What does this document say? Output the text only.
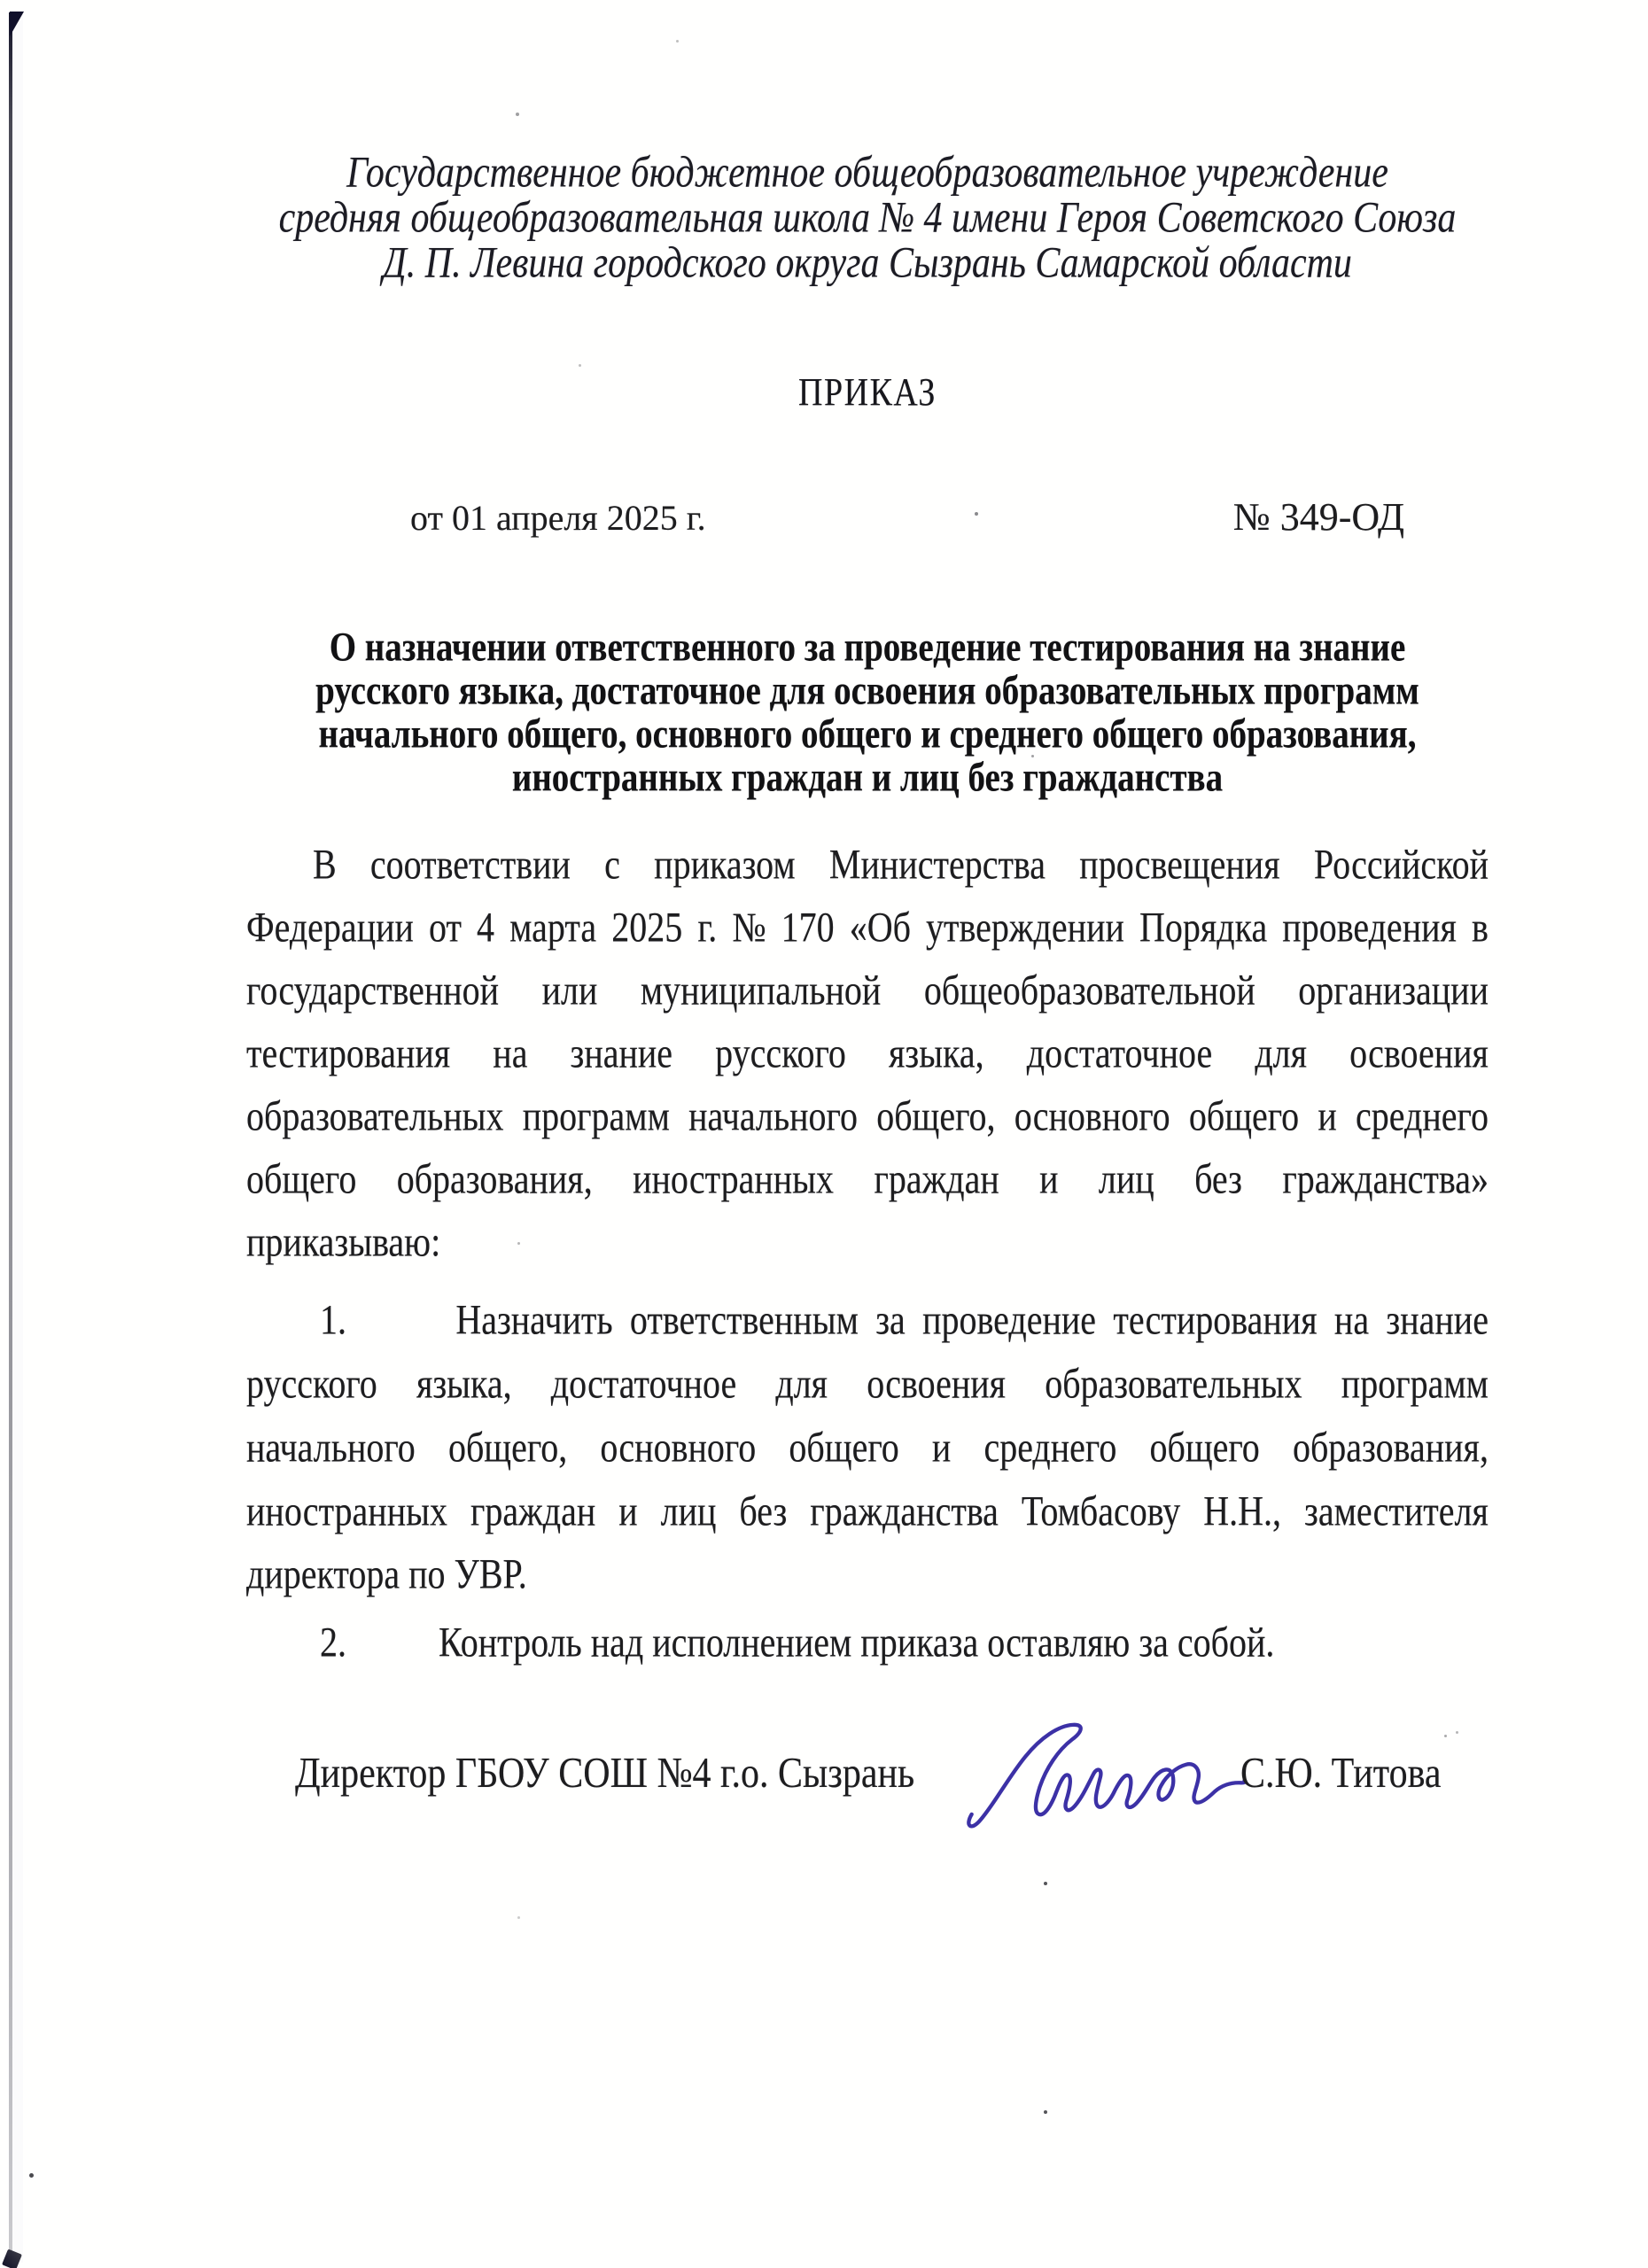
Государственное бюджетное общеобразовательное учреждение
средняя общеобразовательная школа № 4 имени Героя Советского Союза
Д. П. Левина городского округа Сызрань Самарской области
ПРИКАЗ
от 01 апреля 2025 г.	№ 349-ОД
О назначении ответственного за проведение тестирования на знание
русского языка, достаточное для освоения образовательных программ
начального общего, основного общего и среднего общего образования,
иностранных граждан и лиц без гражданства
В соответствии с приказом Министерства просвещения Российской
Федерации от 4 марта 2025 г. № 170 «Об утверждении Порядка проведения в
государственной или муниципальной общеобразовательной организации
тестирования на знание русского языка, достаточное для освоения
образовательных программ начального общего, основного общего и среднего
общего образования, иностранных граждан и лиц без гражданства»
приказываю:
1.	Назначить ответственным за проведение тестирования на знание
русского языка, достаточное для освоения образовательных программ
начального общего, основного общего и среднего общего образования,
иностранных граждан и лиц без гражданства Томбасову Н.Н., заместителя
директора по УВР.
2.	Контроль над исполнением приказа оставляю за собой.
Директор ГБОУ СОШ №4 г.о. Сызрань	С.Ю. Титова
